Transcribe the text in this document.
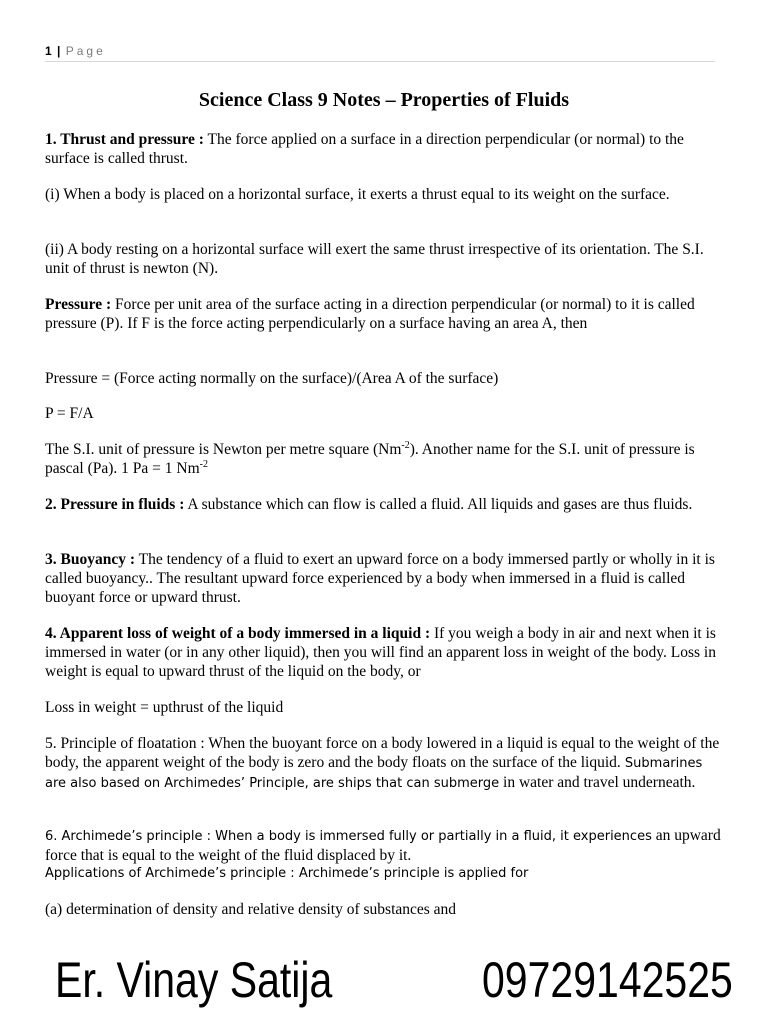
1 | Page
Science Class 9 Notes – Properties of Fluids

1. Thrust and pressure : The force applied on a surface in a direction perpendicular (or normal) to the surface is called thrust.

(i) When a body is placed on a horizontal surface, it exerts a thrust equal to its weight on the surface.

(ii) A body resting on a horizontal surface will exert the same thrust irrespective of its orientation. The S.I. unit of thrust is newton (N).

Pressure : Force per unit area of the surface acting in a direction perpendicular (or normal) to it is called pressure (P). If F is the force acting perpendicularly on a surface having an area A, then

Pressure = (Force acting normally on the surface)/(Area A of the surface)

P = F/A

The S.I. unit of pressure is Newton per metre square $(Nm^{-2})$. Another name for the S.I. unit of pressure is pascal (Pa). 1 Pa = 1 $Nm^{-2}$

2. Pressure in fluids : A substance which can flow is called a fluid. All liquids and gases are thus fluids.

3. Buoyancy : The tendency of a fluid to exert an upward force on a body immersed partly or wholly in it is called buoyancy.. The resultant upward force experienced by a body when immersed in a fluid is called buoyant force or upward thrust.

4. Apparent loss of weight of a body immersed in a liquid : If you weigh a body in air and next when it is immersed in water (or in any other liquid), then you will find an apparent loss in weight of the body. Loss in weight is equal to upward thrust of the liquid on the body, or

Loss in weight = upthrust of the liquid

5. Principle of floatation : When the buoyant force on a body lowered in a liquid is equal to the weight of the body, the apparent weight of the body is zero and the body floats on the surface of the liquid. Submarines are also based on Archimedes’ Principle, are ships that can submerge in water and travel underneath.

6. Archimede’s principle : When a body is immersed fully or partially in a fluid, it experiences an upward force that is equal to the weight of the fluid displaced by it.

Applications of Archimede’s principle : Archimede’s principle is applied for

(a) determination of density and relative density of substances and

Er. Vinay Satija	09729142525
